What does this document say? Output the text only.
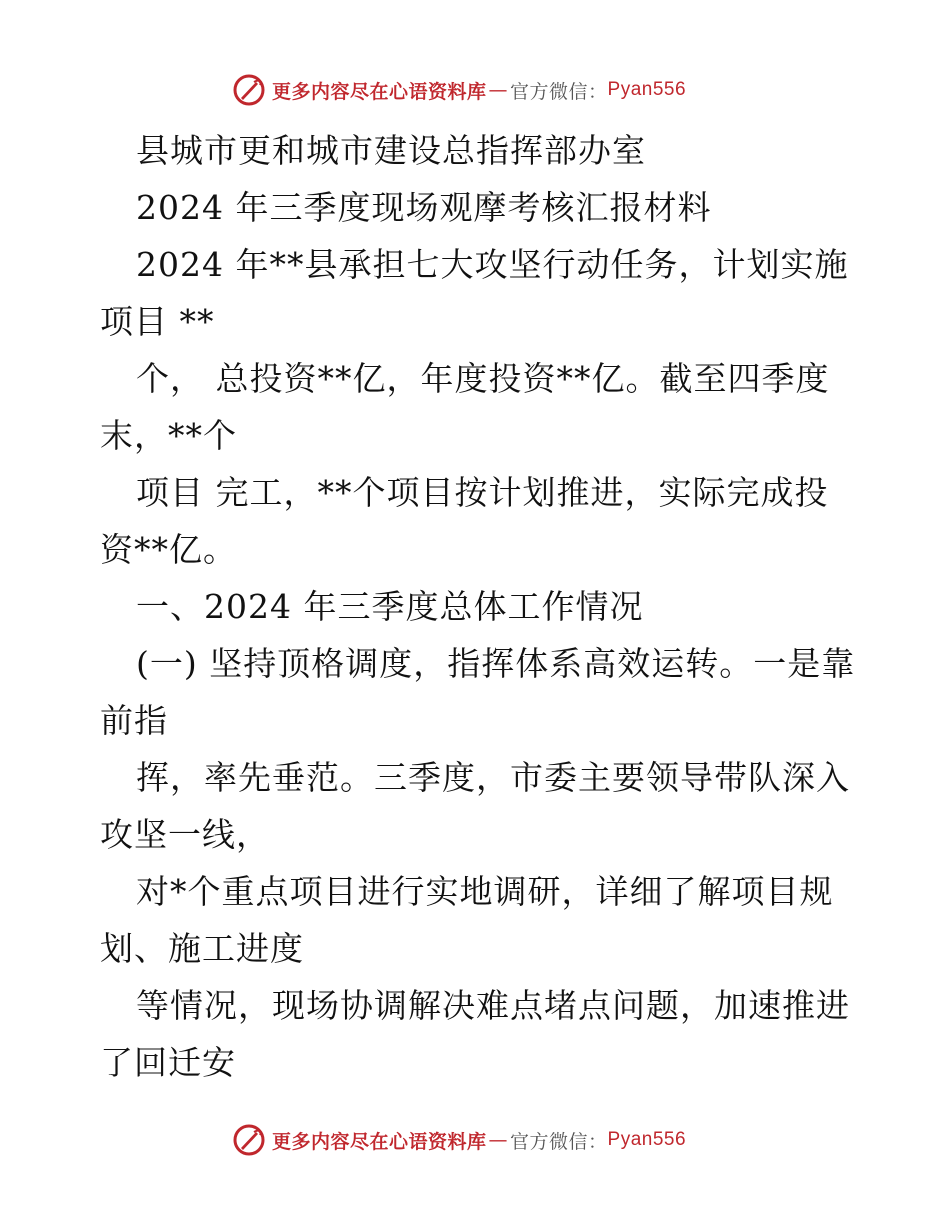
更多内容尽在心语资料库 — 官方微信： Pyan556
县城市更和城市建设总指挥部办室
2024 年三季度现场观摩考核汇报材料
2024 年**县承担七大攻坚行动任务，计划实施
项目 **
个， 总投资**亿，年度投资**亿。截至四季度
末，**个
项目 完工，**个项目按计划推进，实际完成投
资**亿。
一、2024 年三季度总体工作情况
(一) 坚持顶格调度，指挥体系高效运转。一是靠
前指
挥，率先垂范。三季度，市委主要领导带队深入
攻坚一线，
对*个重点项目进行实地调研，详细了解项目规
划、施工进度
等情况，现场协调解决难点堵点问题，加速推进
了回迁安
更多内容尽在心语资料库 — 官方微信： Pyan556
